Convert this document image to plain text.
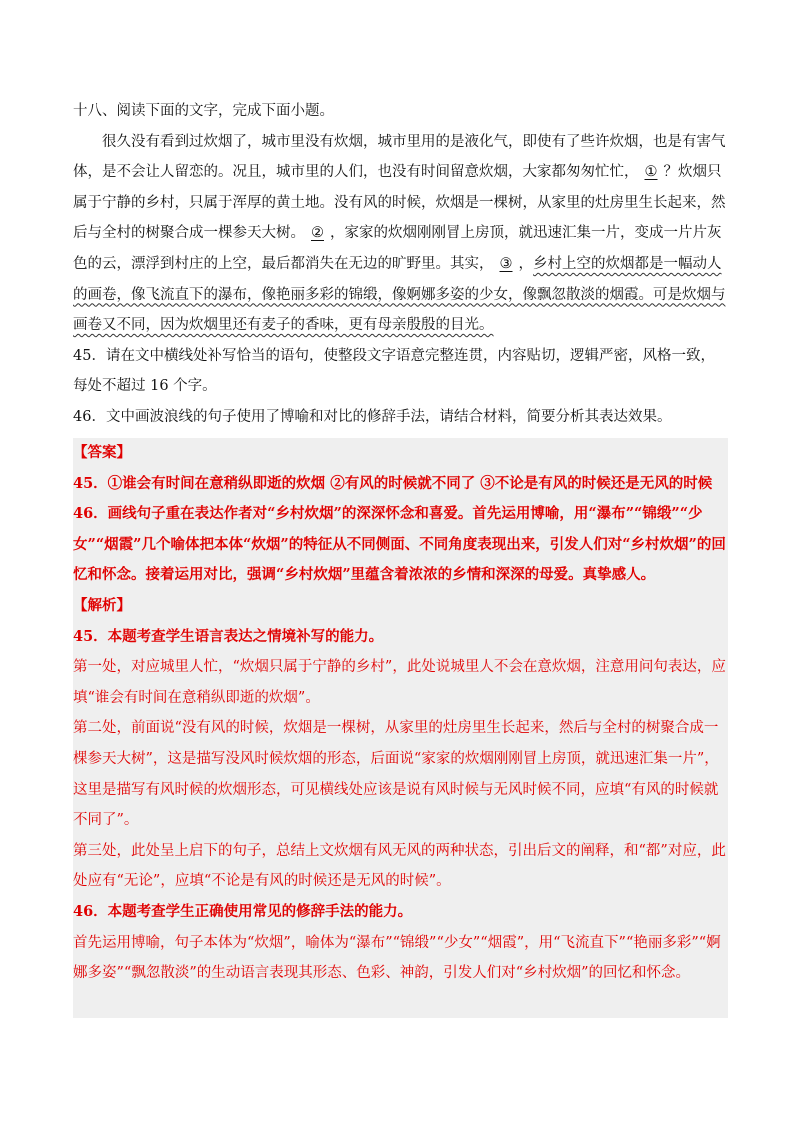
十八、阅读下面的文字，完成下面小题。

很久没有看到过炊烟了，城市里没有炊烟，城市里用的是液化气，即使有了些许炊烟，也是有害气体，是不会让人留恋的。况且，城市里的人们，也没有时间留意炊烟，大家都匆匆忙忙， ① ？炊烟只属于宁静的乡村，只属于浑厚的黄土地。没有风的时候，炊烟是一棵树，从家里的灶房里生长起来，然后与全村的树聚合成一棵参天大树。 ② ，家家的炊烟刚刚冒上房顶，就迅速汇集一片，变成一片片灰色的云，漂浮到村庄的上空，最后都消失在无边的旷野里。其实， ③ ，乡村上空的炊烟都是一幅动人的画卷，像飞流直下的瀑布，像艳丽多彩的锦缎，像婀娜多姿的少女，像飘忽散淡的烟霞。可是炊烟与画卷又不同，因为炊烟里还有麦子的香味，更有母亲殷殷的目光。

45．请在文中横线处补写恰当的语句，使整段文字语意完整连贯，内容贴切，逻辑严密，风格一致，每处不超过 16 个字。

46．文中画波浪线的句子使用了博喻和对比的修辞手法，请结合材料，简要分析其表达效果。

【答案】

45．①谁会有时间在意稍纵即逝的炊烟 ②有风的时候就不同了 ③不论是有风的时候还是无风的时候

46．画线句子重在表达作者对“乡村炊烟”的深深怀念和喜爱。首先运用博喻，用“瀑布”“锦缎”“少女”“烟霞”几个喻体把本体“炊烟”的特征从不同侧面、不同角度表现出来，引发人们对“乡村炊烟”的回忆和怀念。接着运用对比，强调“乡村炊烟”里蕴含着浓浓的乡情和深深的母爱。真挚感人。

【解析】

45．本题考查学生语言表达之情境补写的能力。

第一处，对应城里人忙，“炊烟只属于宁静的乡村”，此处说城里人不会在意炊烟，注意用问句表达，应填“谁会有时间在意稍纵即逝的炊烟”。

第二处，前面说“没有风的时候，炊烟是一棵树，从家里的灶房里生长起来，然后与全村的树聚合成一棵参天大树”，这是描写没风时候炊烟的形态，后面说“家家的炊烟刚刚冒上房顶，就迅速汇集一片”，这里是描写有风时候的炊烟形态，可见横线处应该是说有风时候与无风时候不同，应填“有风的时候就不同了”。

第三处，此处呈上启下的句子，总结上文炊烟有风无风的两种状态，引出后文的阐释，和“都”对应，此处应有“无论”，应填“不论是有风的时候还是无风的时候”。

46．本题考查学生正确使用常见的修辞手法的能力。

首先运用博喻，句子本体为“炊烟”，喻体为“瀑布”“锦缎”“少女”“烟霞”，用“飞流直下”“艳丽多彩”“婀娜多姿”“飘忽散淡”的生动语言表现其形态、色彩、神韵，引发人们对“乡村炊烟”的回忆和怀念。
